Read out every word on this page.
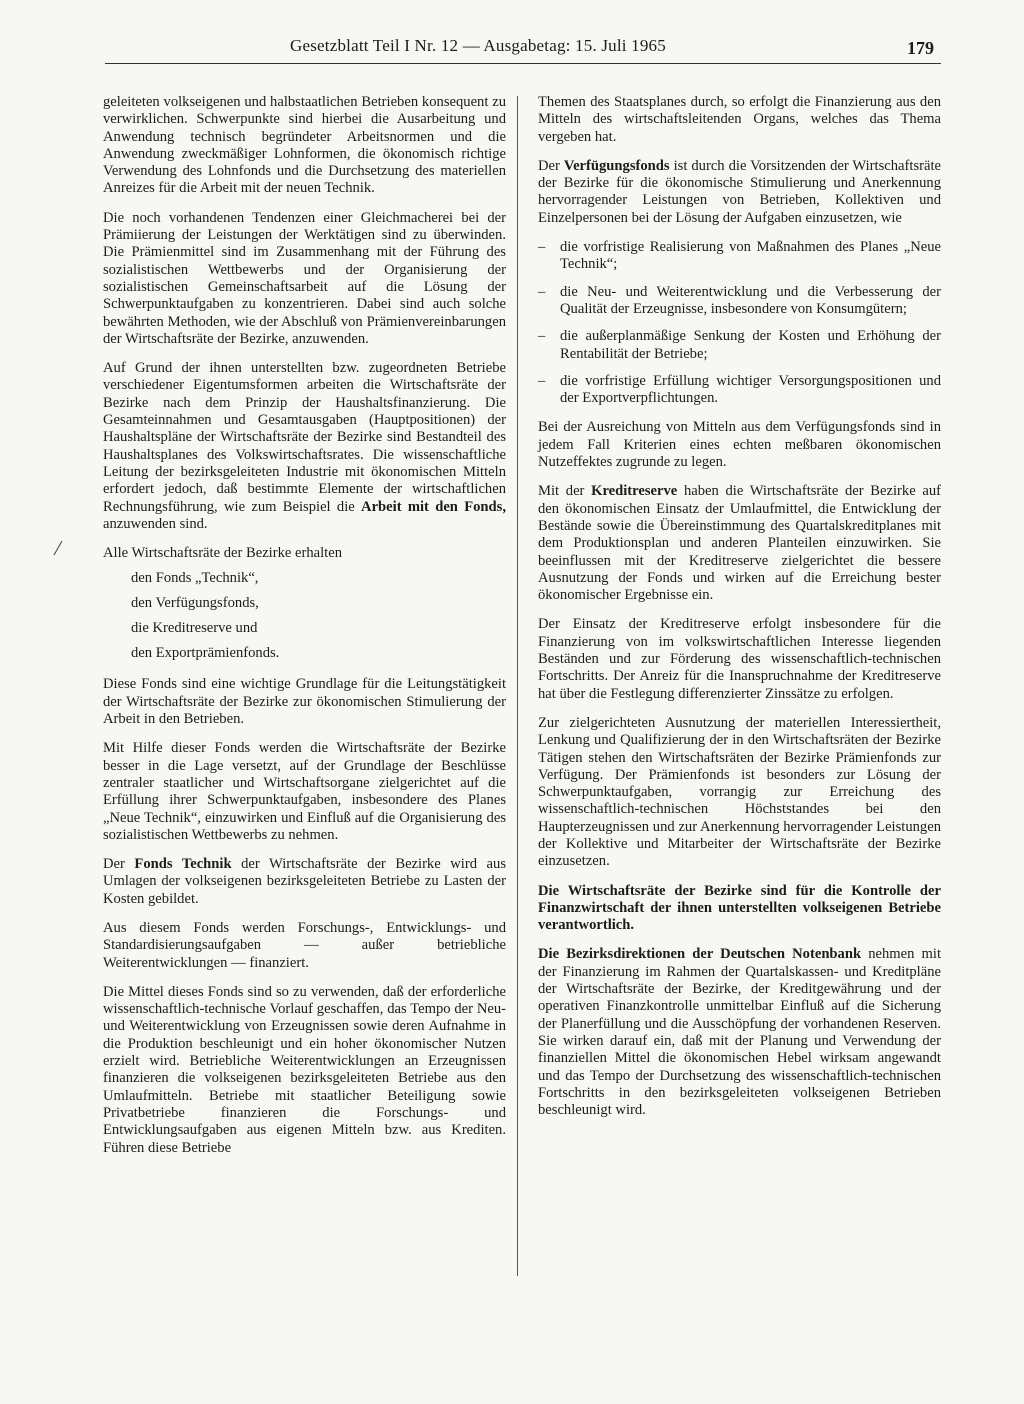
Gesetzblatt Teil I Nr. 12 — Ausgabetag: 15. Juli 1965	179

geleiteten volkseigenen und halbstaatlichen Betrieben konsequent zu verwirklichen. Schwerpunkte sind hierbei die Ausarbeitung und Anwendung technisch begründeter Arbeitsnormen und die Anwendung zweckmäßiger Lohnformen, die ökonomisch richtige Verwendung des Lohnfonds und die Durchsetzung des materiellen Anreizes für die Arbeit mit der neuen Technik.

Die noch vorhandenen Tendenzen einer Gleichmacherei bei der Prämiierung der Leistungen der Werktätigen sind zu überwinden. Die Prämienmittel sind im Zusammenhang mit der Führung des sozialistischen Wettbewerbs und der Organisierung der sozialistischen Gemeinschaftsarbeit auf die Lösung der Schwerpunktaufgaben zu konzentrieren. Dabei sind auch solche bewährten Methoden, wie der Abschluß von Prämienvereinbarungen der Wirtschaftsräte der Bezirke, anzuwenden.

Auf Grund der ihnen unterstellten bzw. zugeordneten Betriebe verschiedener Eigentumsformen arbeiten die Wirtschaftsräte der Bezirke nach dem Prinzip der Haushaltsfinanzierung. Die Gesamteinnahmen und Gesamtausgaben (Hauptpositionen) der Haushaltspläne der Wirtschaftsräte der Bezirke sind Bestandteil des Haushaltsplanes des Volkswirtschaftsrates. Die wissenschaftliche Leitung der bezirksgeleiteten Industrie mit ökonomischen Mitteln erfordert jedoch, daß bestimmte Elemente der wirtschaftlichen Rechnungsführung, wie zum Beispiel die Arbeit mit den Fonds, anzuwenden sind.

Alle Wirtschaftsräte der Bezirke erhalten

den Fonds „Technik“,
den Verfügungsfonds,
die Kreditreserve und
den Exportprämienfonds.

Diese Fonds sind eine wichtige Grundlage für die Leitungstätigkeit der Wirtschaftsräte der Bezirke zur ökonomischen Stimulierung der Arbeit in den Betrieben.

Mit Hilfe dieser Fonds werden die Wirtschaftsräte der Bezirke besser in die Lage versetzt, auf der Grundlage der Beschlüsse zentraler staatlicher und Wirtschaftsorgane zielgerichtet auf die Erfüllung ihrer Schwerpunktaufgaben, insbesondere des Planes „Neue Technik“, einzuwirken und Einfluß auf die Organisierung des sozialistischen Wettbewerbs zu nehmen.

Der Fonds Technik der Wirtschaftsräte der Bezirke wird aus Umlagen der volkseigenen bezirksgeleiteten Betriebe zu Lasten der Kosten gebildet.

Aus diesem Fonds werden Forschungs-, Entwicklungs- und Standardisierungsaufgaben — außer betriebliche Weiterentwicklungen — finanziert.

Die Mittel dieses Fonds sind so zu verwenden, daß der erforderliche wissenschaftlich-technische Vorlauf geschaffen, das Tempo der Neu- und Weiterentwicklung von Erzeugnissen sowie deren Aufnahme in die Produktion beschleunigt und ein hoher ökonomischer Nutzen erzielt wird. Betriebliche Weiterentwicklungen an Erzeugnissen finanzieren die volkseigenen bezirksgeleiteten Betriebe aus den Umlaufmitteln. Betriebe mit staatlicher Beteiligung sowie Privatbetriebe finanzieren die Forschungs- und Entwicklungsaufgaben aus eigenen Mitteln bzw. aus Krediten. Führen diese Betriebe

Themen des Staatsplanes durch, so erfolgt die Finanzierung aus den Mitteln des wirtschaftsleitenden Organs, welches das Thema vergeben hat.

Der Verfügungsfonds ist durch die Vorsitzenden der Wirtschaftsräte der Bezirke für die ökonomische Stimulierung und Anerkennung hervorragender Leistungen von Betrieben, Kollektiven und Einzelpersonen bei der Lösung der Aufgaben einzusetzen, wie

– die vorfristige Realisierung von Maßnahmen des Planes „Neue Technik“;
– die Neu- und Weiterentwicklung und die Verbesserung der Qualität der Erzeugnisse, insbesondere von Konsumgütern;
– die außerplanmäßige Senkung der Kosten und Erhöhung der Rentabilität der Betriebe;
– die vorfristige Erfüllung wichtiger Versorgungspositionen und der Exportverpflichtungen.

Bei der Ausreichung von Mitteln aus dem Verfügungsfonds sind in jedem Fall Kriterien eines echten meßbaren ökonomischen Nutzeffektes zugrunde zu legen.

Mit der Kreditreserve haben die Wirtschaftsräte der Bezirke auf den ökonomischen Einsatz der Umlaufmittel, die Entwicklung der Bestände sowie die Übereinstimmung des Quartalskreditplanes mit dem Produktionsplan und anderen Planteilen einzuwirken. Sie beeinflussen mit der Kreditreserve zielgerichtet die bessere Ausnutzung der Fonds und wirken auf die Erreichung bester ökonomischer Ergebnisse ein.

Der Einsatz der Kreditreserve erfolgt insbesondere für die Finanzierung von im volkswirtschaftlichen Interesse liegenden Beständen und zur Förderung des wissenschaftlich-technischen Fortschritts. Der Anreiz für die Inanspruchnahme der Kreditreserve hat über die Festlegung differenzierter Zinssätze zu erfolgen.

Zur zielgerichteten Ausnutzung der materiellen Interessiertheit, Lenkung und Qualifizierung der in den Wirtschaftsräten der Bezirke Tätigen stehen den Wirtschaftsräten der Bezirke Prämienfonds zur Verfügung. Der Prämienfonds ist besonders zur Lösung der Schwerpunktaufgaben, vorrangig zur Erreichung des wissenschaftlich-technischen Höchststandes bei den Haupterzeugnissen und zur Anerkennung hervorragender Leistungen der Kollektive und Mitarbeiter der Wirtschaftsräte der Bezirke einzusetzen.

Die Wirtschaftsräte der Bezirke sind für die Kontrolle der Finanzwirtschaft der ihnen unterstellten volkseigenen Betriebe verantwortlich.

Die Bezirksdirektionen der Deutschen Notenbank nehmen mit der Finanzierung im Rahmen der Quartalskassen- und Kreditpläne der Wirtschaftsräte der Bezirke, der Kreditgewährung und der operativen Finanzkontrolle unmittelbar Einfluß auf die Sicherung der Planerfüllung und die Ausschöpfung der vorhandenen Reserven. Sie wirken darauf ein, daß mit der Planung und Verwendung der finanziellen Mittel die ökonomischen Hebel wirksam angewandt und das Tempo der Durchsetzung des wissenschaftlich-technischen Fortschritts in den bezirksgeleiteten volkseigenen Betrieben beschleunigt wird.
